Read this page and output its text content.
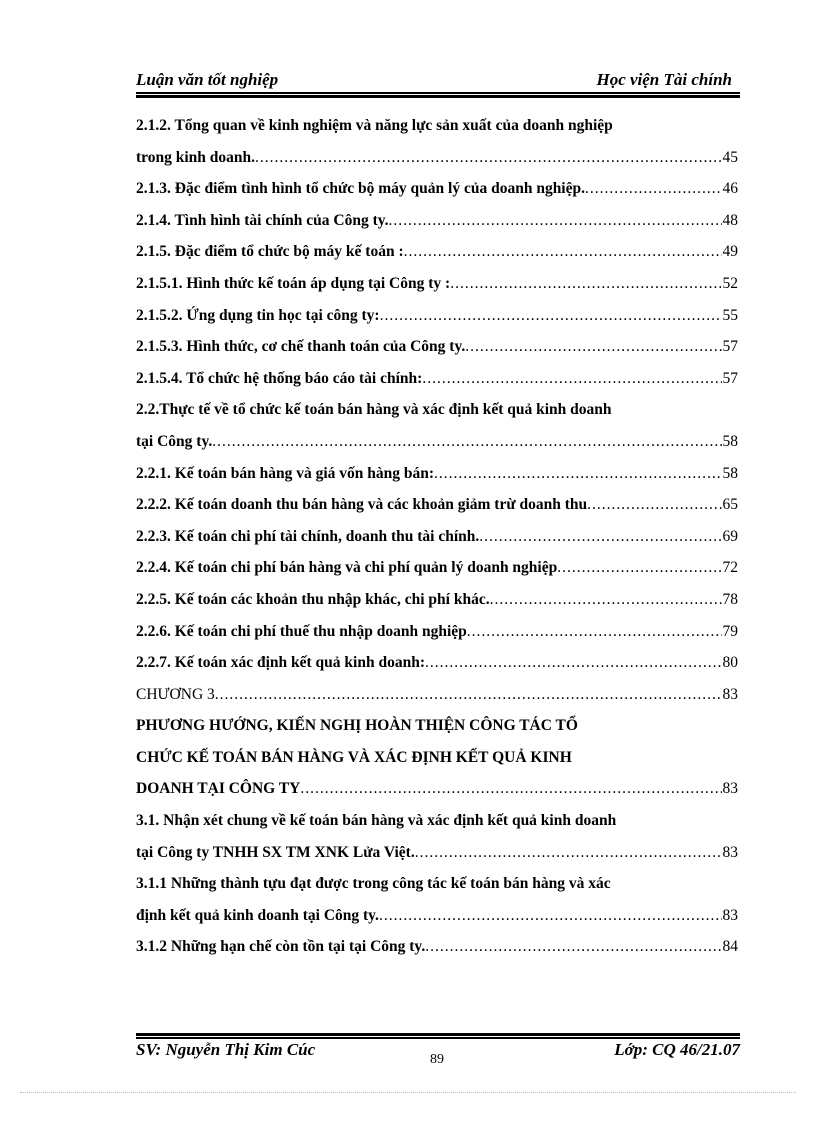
Luận văn tốt nghiệp	Học viện Tài chính
2.1.2. Tổng quan về kinh nghiệm và năng lực sản xuất của doanh nghiệp
trong kinh doanh. .....	45
2.1.3. Đặc điểm tình hình tổ chức bộ máy quản lý của doanh nghiệp. .....	46
2.1.4. Tình hình tài chính của Công ty. .....	48
2.1.5. Đặc điểm tổ chức bộ máy kế toán : .....	49
2.1.5.1. Hình thức kế toán áp dụng tại Công ty : .....	52
2.1.5.2. Ứng dụng tin học tại công ty: .....	55
2.1.5.3. Hình thức, cơ chế thanh toán của Công ty. .....	57
2.1.5.4. Tổ chức hệ thống báo cáo tài chính: .....	57
2.2.Thực tế về tổ chức kế toán bán hàng và xác định kết quả kinh doanh
tại Công ty. .....	58
2.2.1. Kế toán bán hàng và giá vốn hàng bán: .....	58
2.2.2. Kế toán doanh thu bán hàng và các khoản giảm trừ doanh thu .....	65
2.2.3. Kế toán chi phí tài chính, doanh thu tài chính. .....	69
2.2.4. Kế toán chi phí bán hàng và chi phí quản lý doanh nghiệp .....	72
2.2.5. Kế toán các khoản thu nhập khác, chi phí khác. .....	78
2.2.6. Kế toán chi phí thuế thu nhập doanh nghiệp .....	79
2.2.7. Kế toán xác định kết quả kinh doanh: .....	80
CHƯƠNG 3 .....	83
PHƯƠNG HƯỚNG, KIẾN NGHỊ HOÀN THIỆN CÔNG TÁC TỔ
CHỨC KẾ TOÁN BÁN HÀNG VÀ XÁC ĐỊNH KẾT QUẢ KINH
DOANH TẠI CÔNG TY .....	83
3.1. Nhận xét chung về kế toán bán hàng và xác định kết quả kinh doanh
tại Công ty TNHH SX TM XNK Lửa Việt. .....	83
3.1.1 Những thành tựu đạt được trong công tác kế toán bán hàng và xác
định kết quả kinh doanh tại Công ty. .....	83
3.1.2 Những hạn chế còn tồn tại tại Công ty. .....	84
SV: Nguyễn Thị Kim Cúc
89
Lớp: CQ 46/21.07
